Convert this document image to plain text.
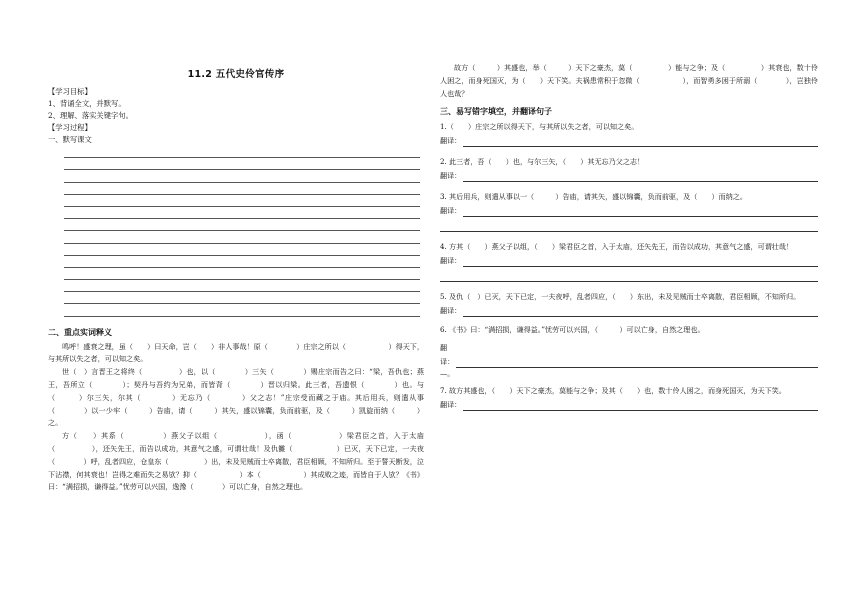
11.2 五代史伶官传序
【学习目标】
1、背诵全文，并默写。
2、理解、落实关键字句。
【学习过程】
一、默写课文
二、重点实词释义
鸣呼！盛衰之理，虽（　　）曰天命，岂（　　）非人事哉！原（　　　　）庄宗之所以（　　　　　　）得天下，与其所以失之者，可以知之矣。
世（　）言晋王之将终（　　　　　）也，以（　　　　）三矢（　　　　）赐庄宗而告之曰：“梁，吾仇也；燕王，吾所立（　　　　）；契丹与吾约为兄弟，而皆背（　　　　）晋以归梁。此三者，吾遗恨（　　　　）也。与（　　　）尔三矢，尔其（　　　　）无忘乃（　　　　）父之志！”庄宗受而藏之于庙。其后用兵，则遣从事（　　　　）以一少牢（　　　）告庙，请（　　　）其矢，盛以锦囊，负而前驱，及（　　　）凯旋而纳（　　　）之。
方（　　）其系（　　　　　）燕父子以组（　　　　　　），函（　　　　　　）梁君臣之首，入于太庙（　　　　　），还矢先王，而告以成功，其意气之盛，可谓壮哉！及仇雠（　　　　　　）已灭，天下已定，一夫夜（　　　　）呼，乱者四应，仓皇东（　　　　　）出，未及见贼而士卒离散，君臣相顾，不知所归。至于誓天断发，泣下沾襟，何其衰也！岂得之难而失之易欤？抑（　　　　　　）本（　　　　　　）其成败之迹，而皆自于人欤？《书》曰：“满招损，谦得益。”忧劳可以兴国，逸豫（　　　　）可以亡身，自然之理也。
故方（　　　）其盛也，举（　　　）天下之豪杰，莫（　　　　　）能与之争；及（　　　　　）其衰也，数十伶人困之，而身死国灭，为（　　）天下笑。夫祸患常积于忽微（　　　　　　），而智勇多困于所溺（　　　　），岂独伶人也哉？
三、易写错字填空，并翻译句子
1.（　　）庄宗之所以得天下，与其所以失之者，可以知之矣。
翻译：
2. 此三者，吾（　　）也，与尔三矢，（　　）其无忘乃父之志！
翻译：
3. 其后用兵，则遣从事以一（　　　）告庙，请其矢，盛以锦囊，负而前驱，及（　　）而纳之。
翻译：
4. 方其（　　）燕父子以组，（　　）梁君臣之首，入于太庙，还矢先王，而告以成功，其意气之盛，可谓壮哉！
翻译：
5. 及仇（　）已灭，天下已定，一夫夜呼，乱者四应，（　　）东出，未及见贼而士卒离散，君臣相顾，不知所归。
翻译：
6. 《书》曰：“满招损，谦得益。”忧劳可以兴国，（　　　）可以亡身，自然之理也。
翻
译：
—。
7. 故方其盛也，（　　）天下之豪杰，莫能与之争；及其（　　）也，数十伶人困之，而身死国灭，为天下笑。
翻译：
